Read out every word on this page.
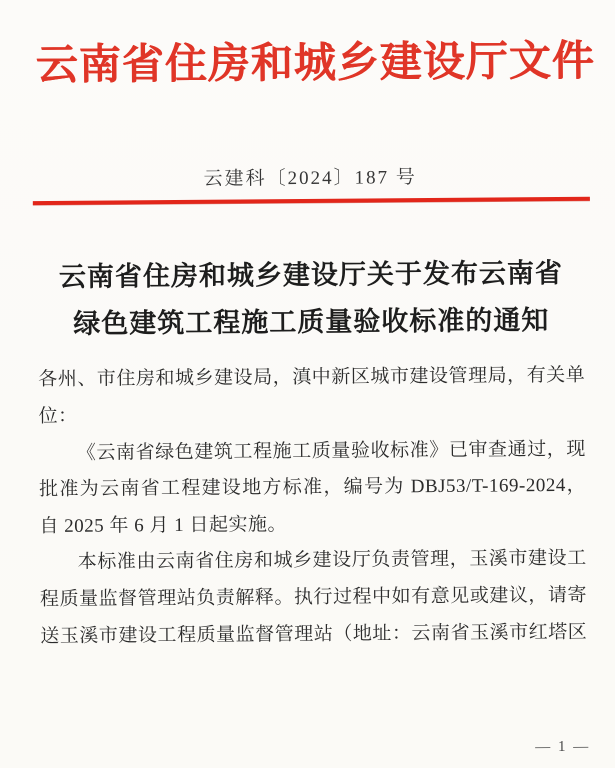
云南省住房和城乡建设厅文件
云建科〔2024〕187 号
云南省住房和城乡建设厅关于发布云南省
绿色建筑工程施工质量验收标准的通知

各州、市住房和城乡建设局，滇中新区城市建设管理局，有关单位：

《云南省绿色建筑工程施工质量验收标准》已审查通过，现批准为云南省工程建设地方标准，编号为 DBJ53/T-169-2024，自 2025 年 6 月 1 日起实施。

本标准由云南省住房和城乡建设厅负责管理，玉溪市建设工程质量监督管理站负责解释。执行过程中如有意见或建议，请寄送玉溪市建设工程质量监督管理站（地址：云南省玉溪市红塔区

— 1 —
